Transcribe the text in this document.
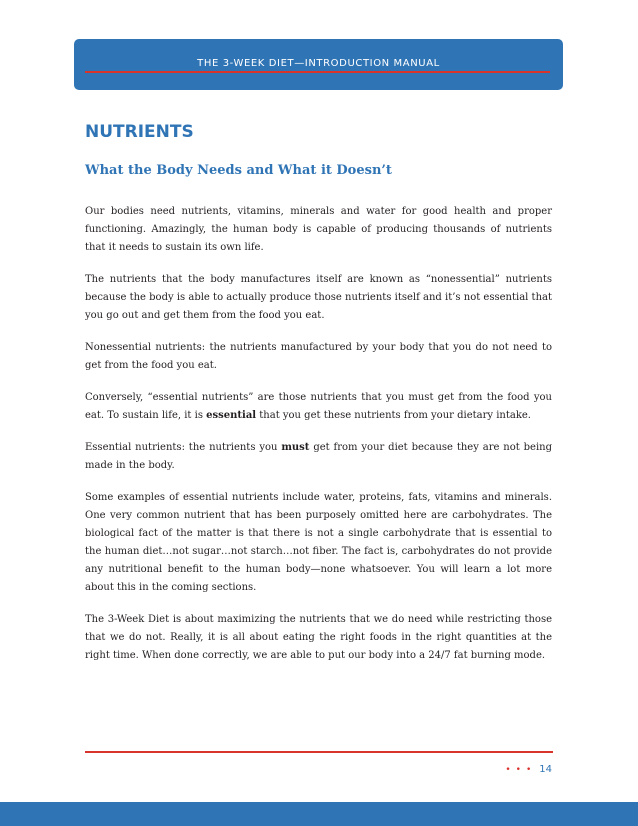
THE 3-WEEK DIET—INTRODUCTION MANUAL
NUTRIENTS
What the Body Needs and What it Doesn’t

Our bodies need nutrients, vitamins, minerals and water for good health and proper functioning. Amazingly, the human body is capable of producing thousands of nutrients that it needs to sustain its own life.

The nutrients that the body manufactures itself are known as “nonessential” nutrients because the body is able to actually produce those nutrients itself and it’s not essential that you go out and get them from the food you eat.

Nonessential nutrients: the nutrients manufactured by your body that you do not need to get from the food you eat.

Conversely, “essential nutrients” are those nutrients that you must get from the food you eat. To sustain life, it is essential that you get these nutrients from your dietary intake.

Essential nutrients: the nutrients you must get from your diet because they are not being made in the body.

Some examples of essential nutrients include water, proteins, fats, vitamins and minerals. One very common nutrient that has been purposely omitted here are carbohydrates. The biological fact of the matter is that there is not a single carbohydrate that is essential to the human diet…not sugar…not starch…not fiber. The fact is, carbohydrates do not provide any nutritional benefit to the human body—none whatsoever. You will learn a lot more about this in the coming sections.

The 3-Week Diet is about maximizing the nutrients that we do need while restricting those that we do not. Really, it is all about eating the right foods in the right quantities at the right time. When done correctly, we are able to put our body into a 24/7 fat burning mode.

••• 14
